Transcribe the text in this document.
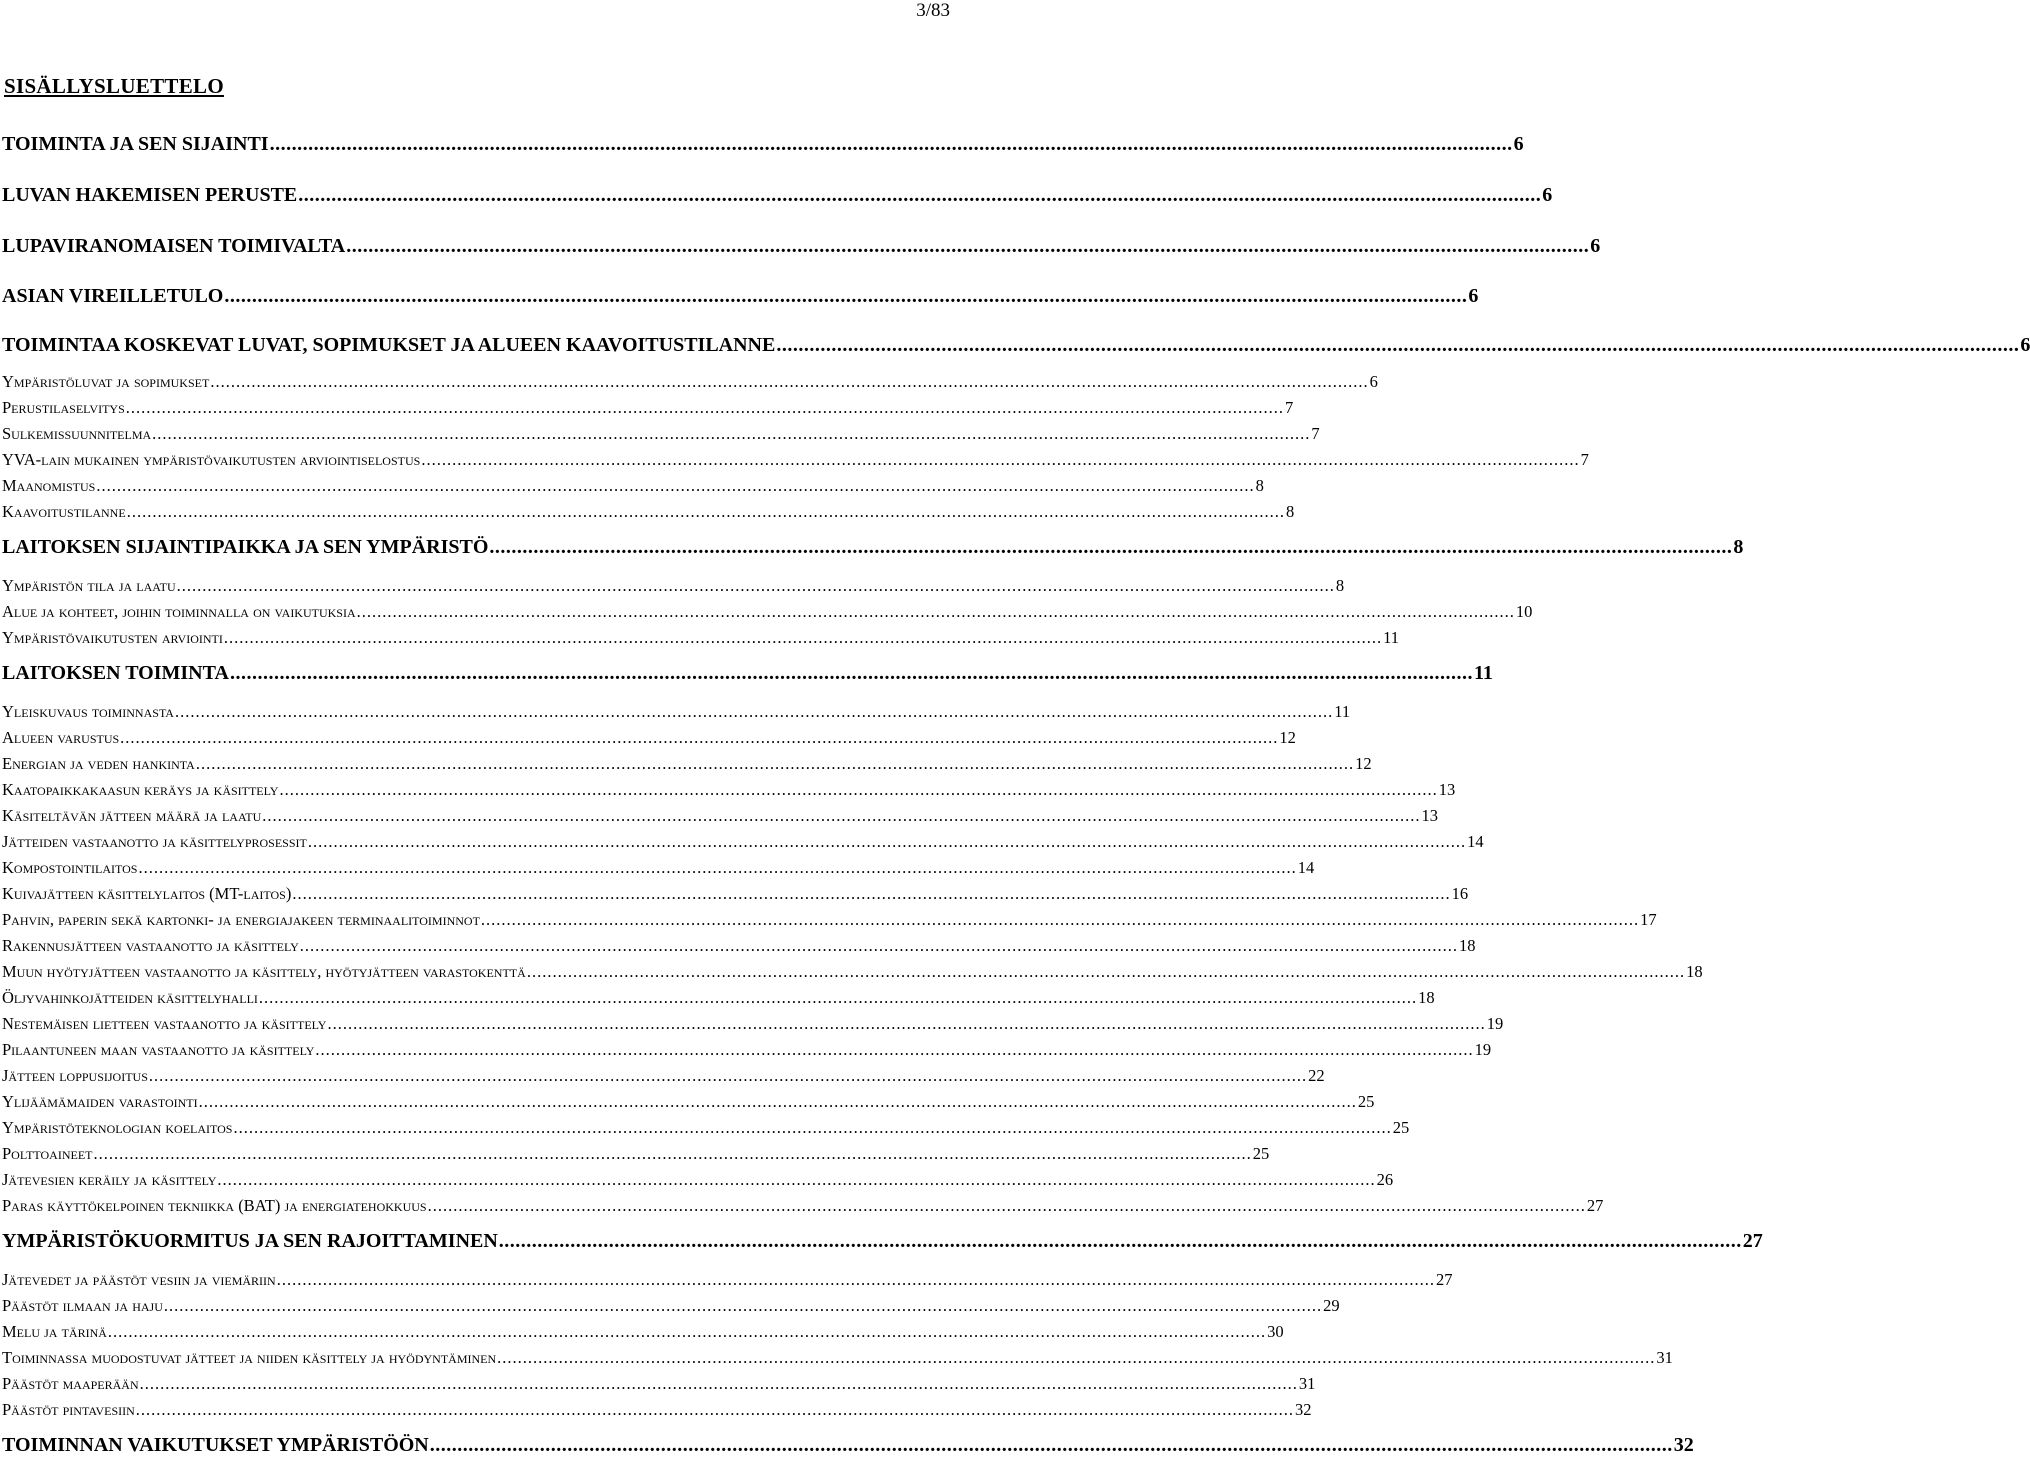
3/83
SISÄLLYSLUETTELO
TOIMINTA JA SEN SIJAINTI .....	6
LUVAN HAKEMISEN PERUSTE .....	6
LUPAVIRANOMAISEN TOIMIVALTA .....	6
ASIAN VIREILLETULO .....	6
TOIMINTAA KOSKEVAT LUVAT, SOPIMUKSET JA ALUEEN KAAVOITUSTILANNE .....	6
Ympäristöluvat ja sopimukset .....	6
Perustilaselvitys .....	7
Sulkemissuunnitelma .....	7
YVA-lain mukainen ympäristövaikutusten arviointiselostus .....	7
Maanomistus .....	8
Kaavoitustilanne .....	8
LAITOKSEN SIJAINTIPAIKKA JA SEN YMPÄRISTÖ .....	8
Ympäristön tila ja laatu .....	8
Alue ja kohteet, joihin toiminnalla on vaikutuksia .....	10
Ympäristövaikutusten arviointi .....	11
LAITOKSEN TOIMINTA .....	11
Yleiskuvaus toiminnasta .....	11
Alueen varustus .....	12
Energian ja veden hankinta .....	12
Kaatopaikkakaasun keräys ja käsittely .....	13
Käsiteltävän jätteen määrä ja laatu .....	13
Jätteiden vastaanotto ja käsittelyprosessit .....	14
Kompostointilaitos .....	14
Kuivajätteen käsittelylaitos (MT-laitos) .....	16
Pahvin, paperin sekä kartonki- ja energiajakeen terminaalitoiminnot .....	17
Rakennusjätteen vastaanotto ja käsittely .....	18
Muun hyötyjätteen vastaanotto ja käsittely, hyötyjätteen varastokenttä .....	18
Öljyvahinkojätteiden käsittelyhalli .....	18
Nestemäisen lietteen vastaanotto ja käsittely .....	19
Pilaantuneen maan vastaanotto ja käsittely .....	19
Jätteen loppusijoitus .....	22
Ylijäämämaiden varastointi .....	25
Ympäristöteknologian koelaitos .....	25
Polttoaineet .....	25
Jätevesien keräily ja käsittely .....	26
Paras käyttökelpoinen tekniikka (BAT) ja energiatehokkuus .....	27
YMPÄRISTÖKUORMITUS JA SEN RAJOITTAMINEN .....	27
Jätevedet ja päästöt vesiin ja viemäriin .....	27
Päästöt ilmaan ja haju .....	29
Melu ja tärinä .....	30
Toiminnassa muodostuvat jätteet ja niiden käsittely ja hyödyntäminen .....	31
Päästöt maaperään .....	31
Päästöt pintavesiin .....	32
TOIMINNAN VAIKUTUKSET YMPÄRISTÖÖN .....	32
